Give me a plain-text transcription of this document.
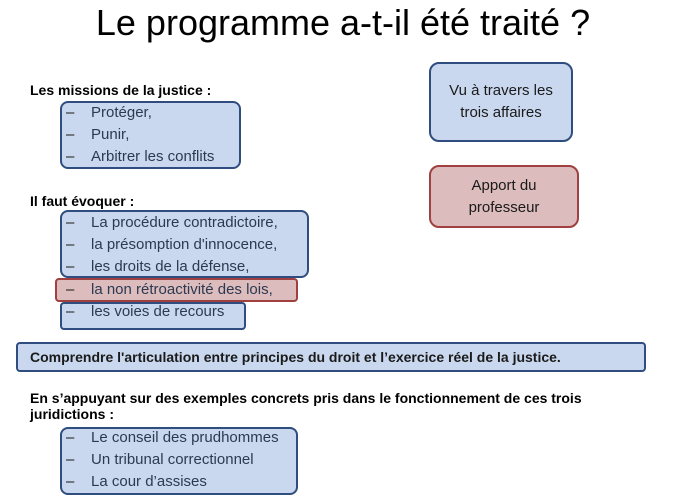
Le programme a-t-il été traité ?
Les missions de la justice :
–	Protéger,
–	Punir,
–	Arbitrer les conflits
Il faut évoquer :
–	La procédure contradictoire,
–	la présomption d'innocence,
–	les droits de la défense,
–	la non rétroactivité des lois,
–	les voies de recours
Vu à travers les
trois affaires
Apport du
professeur
Comprendre l'articulation entre principes du droit et l’exercice réel de la justice.
En s’appuyant sur des exemples concrets pris dans le fonctionnement de ces trois juridictions :
–	Le conseil des prudhommes
–	Un tribunal correctionnel
–	La cour d’assises
